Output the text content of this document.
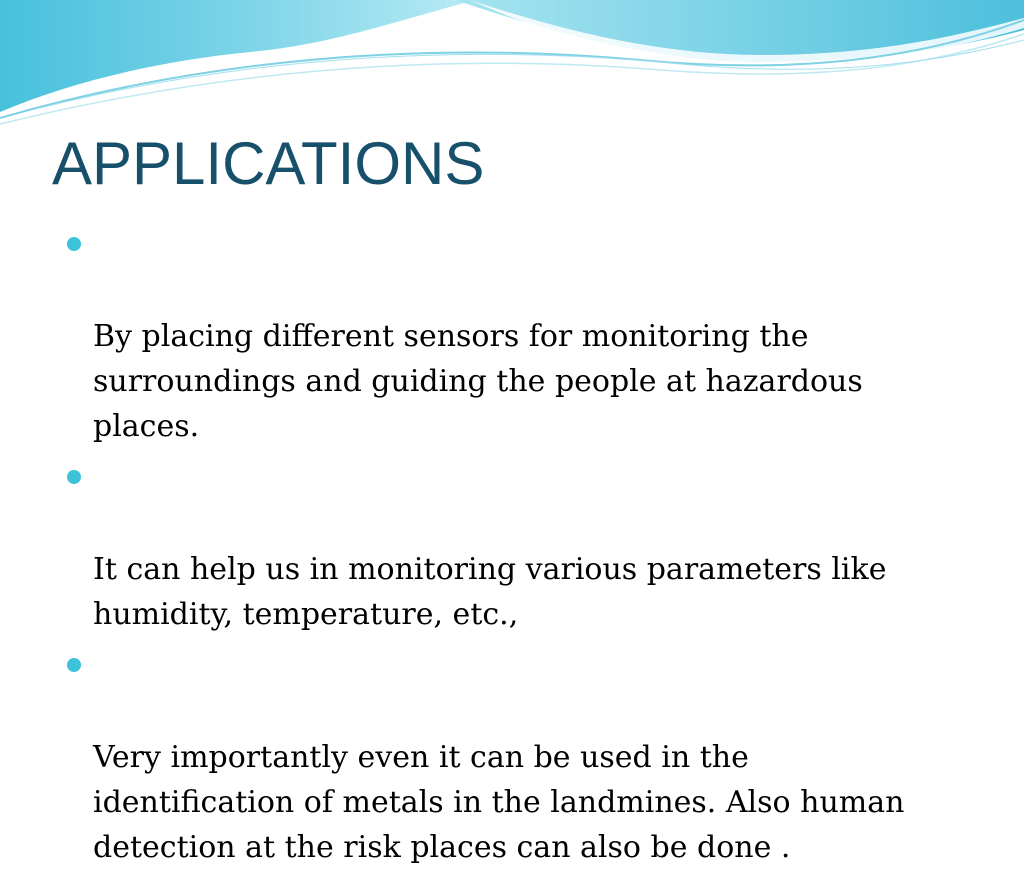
APPLICATIONS

By placing different sensors for monitoring the
surroundings and guiding the people at hazardous
places.

It can help us in monitoring various parameters like
humidity, temperature, etc.,

Very importantly even it can be used in the
identification of metals in the landmines. Also human
detection at the risk places can also be done .
